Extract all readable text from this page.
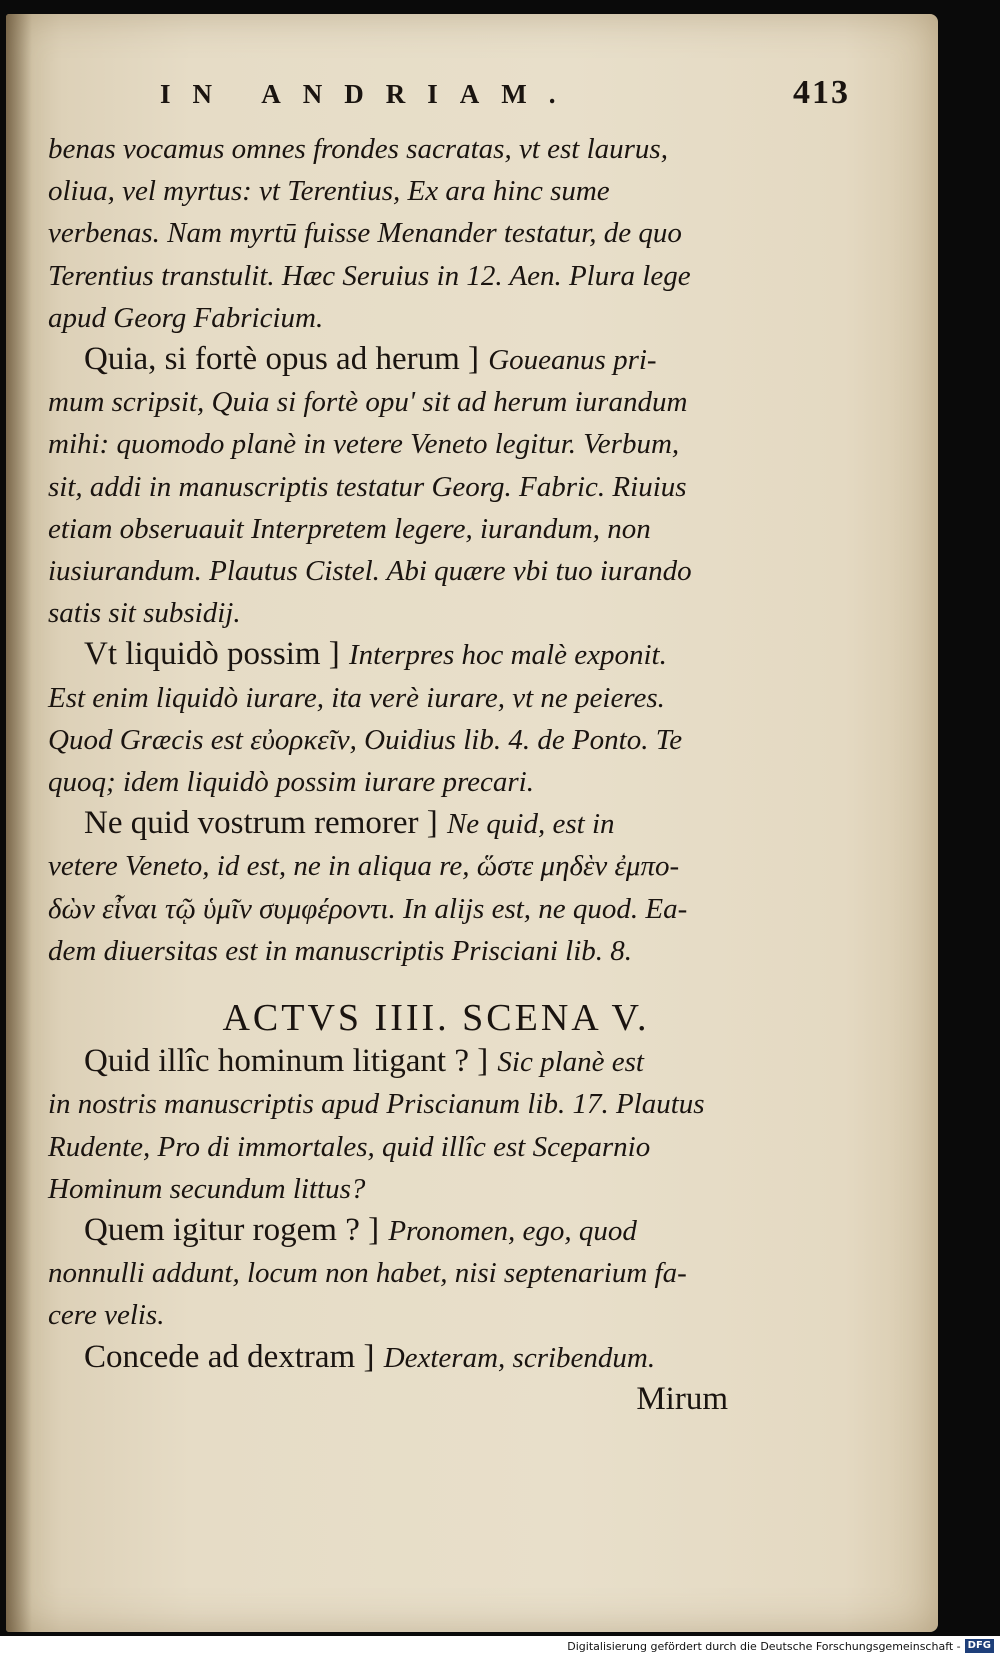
IN ANDRIAM.	413

benas vocamus omnes frondes sacratas, vt est laurus,
oliua, vel myrtus: vt Terentius, Ex ara hinc sume
verbenas. Nam myrtū fuisse Menander testatur, de quo
Terentius transtulit. Hæc Seruius in 12. Aen. Plura lege
apud Georg Fabricium.

Quia, si fortè opus ad herum ] Goueanus pri-
mum scripsit, Quia si fortè opu' sit ad herum iurandum
mihi: quomodo planè in vetere Veneto legitur. Verbum,
sit, addi in manuscriptis testatur Georg. Fabric. Riuius
etiam obseruauit Interpretem legere, iurandum, non
iusiurandum. Plautus Cistel. Abi quære vbi tuo iurando
satis sit subsidij.

Vt liquidò possim ] Interpres hoc malè exponit.
Est enim liquidò iurare, ita verè iurare, vt ne peieres.
Quod Græcis est εὐορκεῖν, Ouidius lib. 4. de Ponto. Te
quoq; idem liquidò possim iurare precari.

Ne quid vostrum remorer ] Ne quid, est in
vetere Veneto, id est, ne in aliqua re, ὥστε μηδὲν ἐμπο-
δὼν εἶναι τῷ ὑμῖν συμφέροντι. In alijs est, ne quod. Ea-
dem diuersitas est in manuscriptis Prisciani lib. 8.

ACTVS IIII. SCENA V.

Quid illîc hominum litigant ? ] Sic planè est
in nostris manuscriptis apud Priscianum lib. 17. Plautus
Rudente, Pro di immortales, quid illîc est Sceparnio
Hominum secundum littus?

Quem igitur rogem ? ] Pronomen, ego, quod
nonnulli addunt, locum non habet, nisi septenarium fa-
cere velis.

Concede ad dextram ] Dexteram, scribendum.

Mirum
Digitalisierung gefördert durch die Deutsche Forschungsgemeinschaft - DFG
